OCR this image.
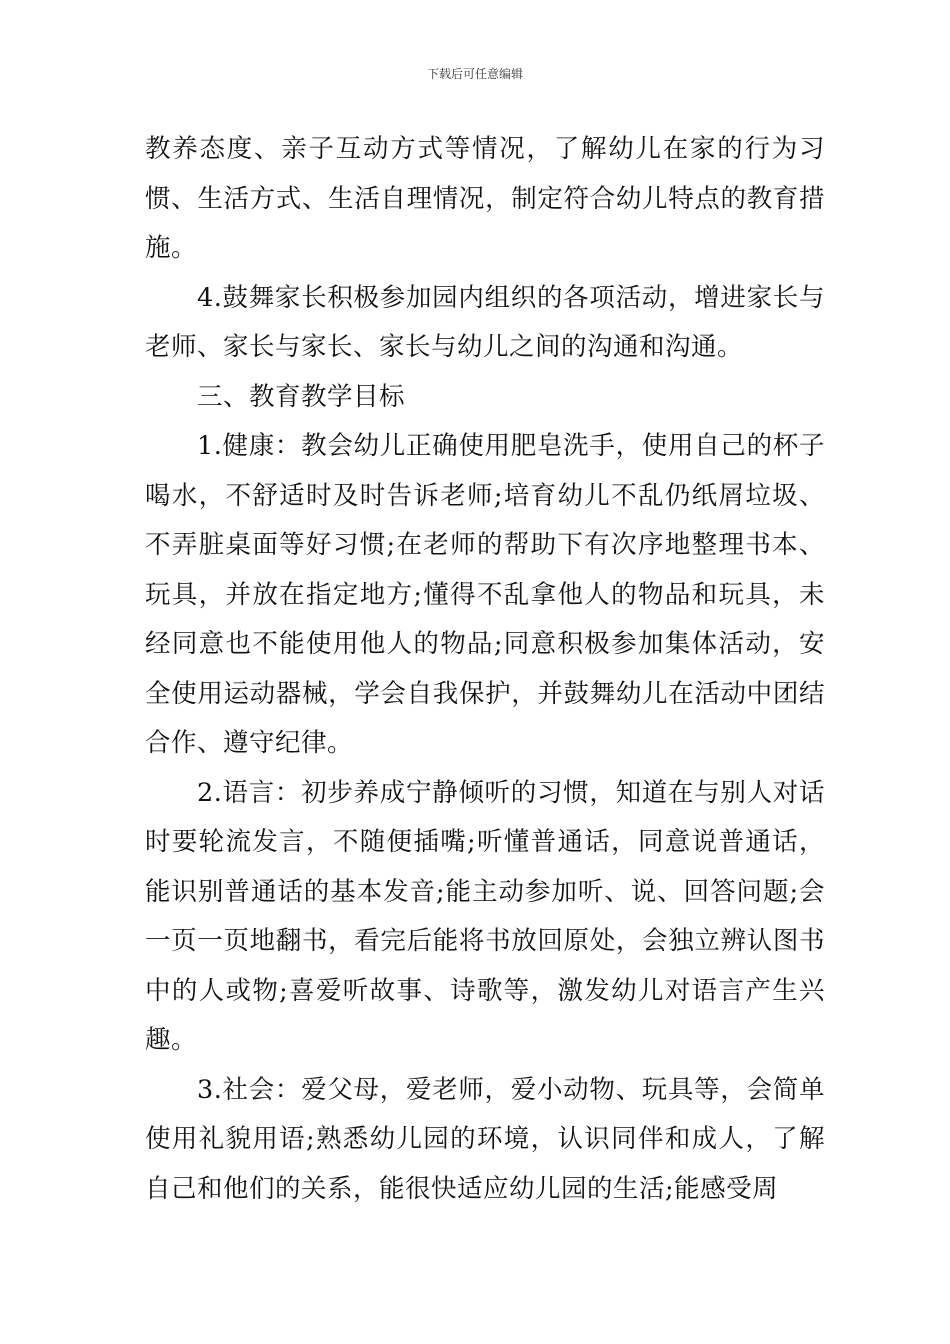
下载后可任意编辑

教养态度、亲子互动方式等情况，了解幼儿在家的行为习惯、生活方式、生活自理情况，制定符合幼儿特点的教育措施。

4.鼓舞家长积极参加园内组织的各项活动，增进家长与老师、家长与家长、家长与幼儿之间的沟通和沟通。

三、教育教学目标

1.健康：教会幼儿正确使用肥皂洗手，使用自己的杯子喝水，不舒适时及时告诉老师;培育幼儿不乱仍纸屑垃圾、不弄脏桌面等好习惯;在老师的帮助下有次序地整理书本、玩具，并放在指定地方;懂得不乱拿他人的物品和玩具，未经同意也不能使用他人的物品;同意积极参加集体活动，安全使用运动器械，学会自我保护，并鼓舞幼儿在活动中团结合作、遵守纪律。

2.语言：初步养成宁静倾听的习惯，知道在与别人对话时要轮流发言，不随便插嘴;听懂普通话，同意说普通话，能识别普通话的基本发音;能主动参加听、说、回答问题;会一页一页地翻书，看完后能将书放回原处，会独立辨认图书中的人或物;喜爱听故事、诗歌等，激发幼儿对语言产生兴趣。

3.社会：爱父母，爱老师，爱小动物、玩具等，会简单使用礼貌用语;熟悉幼儿园的环境，认识同伴和成人，了解自己和他们的关系，能很快适应幼儿园的生活;能感受周
